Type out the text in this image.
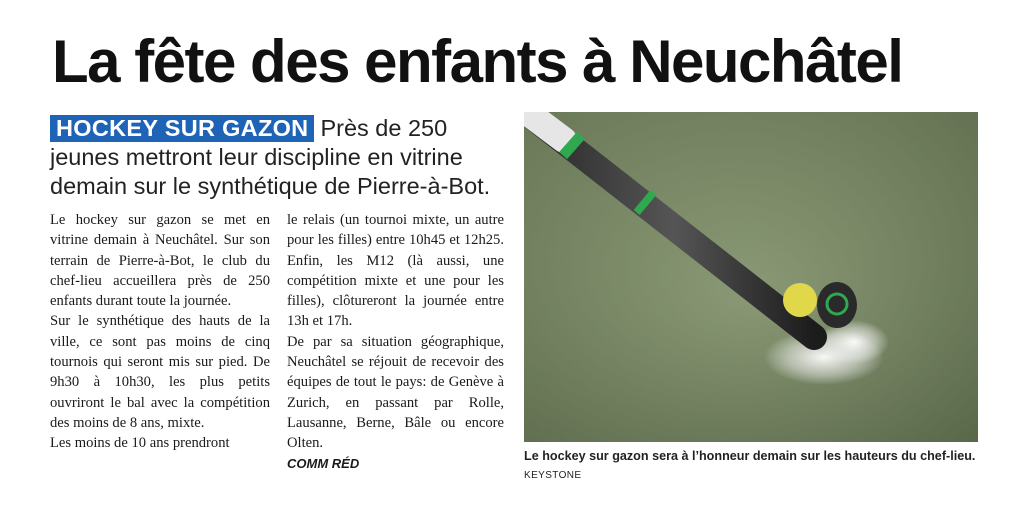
La fête des enfants à Neuchâtel
HOCKEY SUR GAZON Près de 250 jeunes mettront leur discipline en vitrine demain sur le synthétique de Pierre-à-Bot.

Le hockey sur gazon se met en vitrine demain à Neuchâtel. Sur son terrain de Pierre-à-Bot, le club du chef-lieu accueillera près de 250 enfants durant toute la journée.

Sur le synthétique des hauts de la ville, ce sont pas moins de cinq tournois qui seront mis sur pied. De 9h30 à 10h30, les plus petits ouvriront le bal avec la compétition des moins de 8 ans, mixte.

Les moins de 10 ans prendront

le relais (un tournoi mixte, un autre pour les filles) entre 10h45 et 12h25. Enfin, les M12 (là aussi, une compétition mixte et une pour les filles), clôtureront la journée entre 13h et 17h.

De par sa situation géographique, Neuchâtel se réjouit de recevoir des équipes de tout le pays: de Genève à Zurich, en passant par Rolle, Lausanne, Berne, Bâle ou encore Olten.

COMM RÉD	Le hockey sur gazon sera à l’honneur demain sur les hauteurs du chef-lieu. KEYSTONE
